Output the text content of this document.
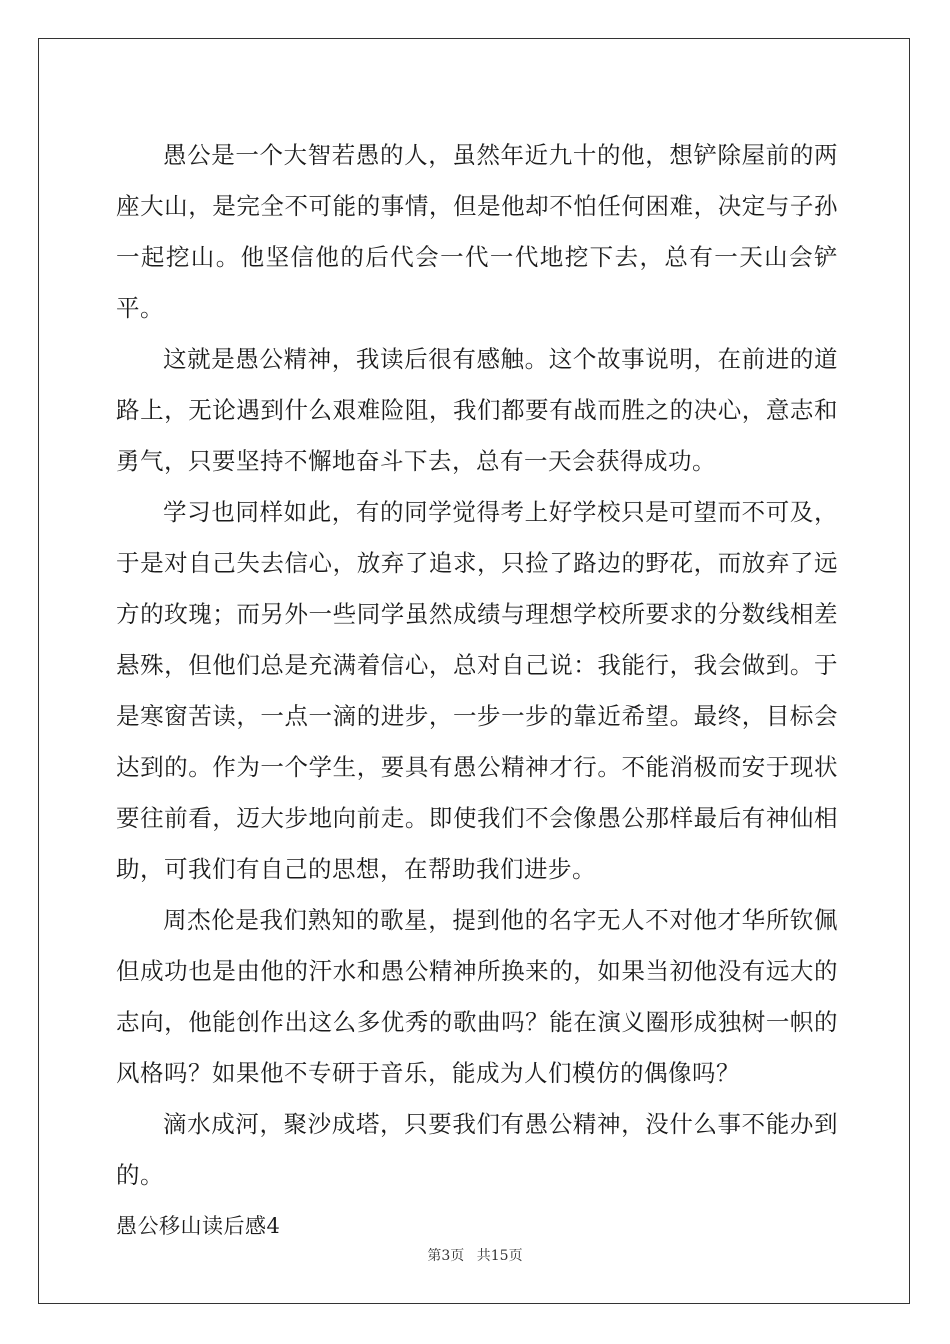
愚公是一个大智若愚的人，虽然年近九十的他，想铲除屋前的两座大山，是完全不可能的事情，但是他却不怕任何困难，决定与子孙一起挖山。他坚信他的后代会一代一代地挖下去，总有一天山会铲平。

这就是愚公精神，我读后很有感触。这个故事说明，在前进的道路上，无论遇到什么艰难险阻，我们都要有战而胜之的决心，意志和勇气，只要坚持不懈地奋斗下去，总有一天会获得成功。

学习也同样如此，有的同学觉得考上好学校只是可望而不可及，于是对自己失去信心，放弃了追求，只捡了路边的野花，而放弃了远方的玫瑰；而另外一些同学虽然成绩与理想学校所要求的分数线相差悬殊，但他们总是充满着信心，总对自己说：我能行，我会做到。于是寒窗苦读，一点一滴的进步，一步一步的靠近希望。最终，目标会达到的。作为一个学生，要具有愚公精神才行。不能消极而安于现状要往前看，迈大步地向前走。即使我们不会像愚公那样最后有神仙相助，可我们有自己的思想，在帮助我们进步。

周杰伦是我们熟知的歌星，提到他的名字无人不对他才华所钦佩但成功也是由他的汗水和愚公精神所换来的，如果当初他没有远大的志向，他能创作出这么多优秀的歌曲吗？能在演义圈形成独树一帜的风格吗？如果他不专研于音乐，能成为人们模仿的偶像吗？

滴水成河，聚沙成塔，只要我们有愚公精神，没什么事不能办到的。

愚公移山读后感4

第3页 共15页
